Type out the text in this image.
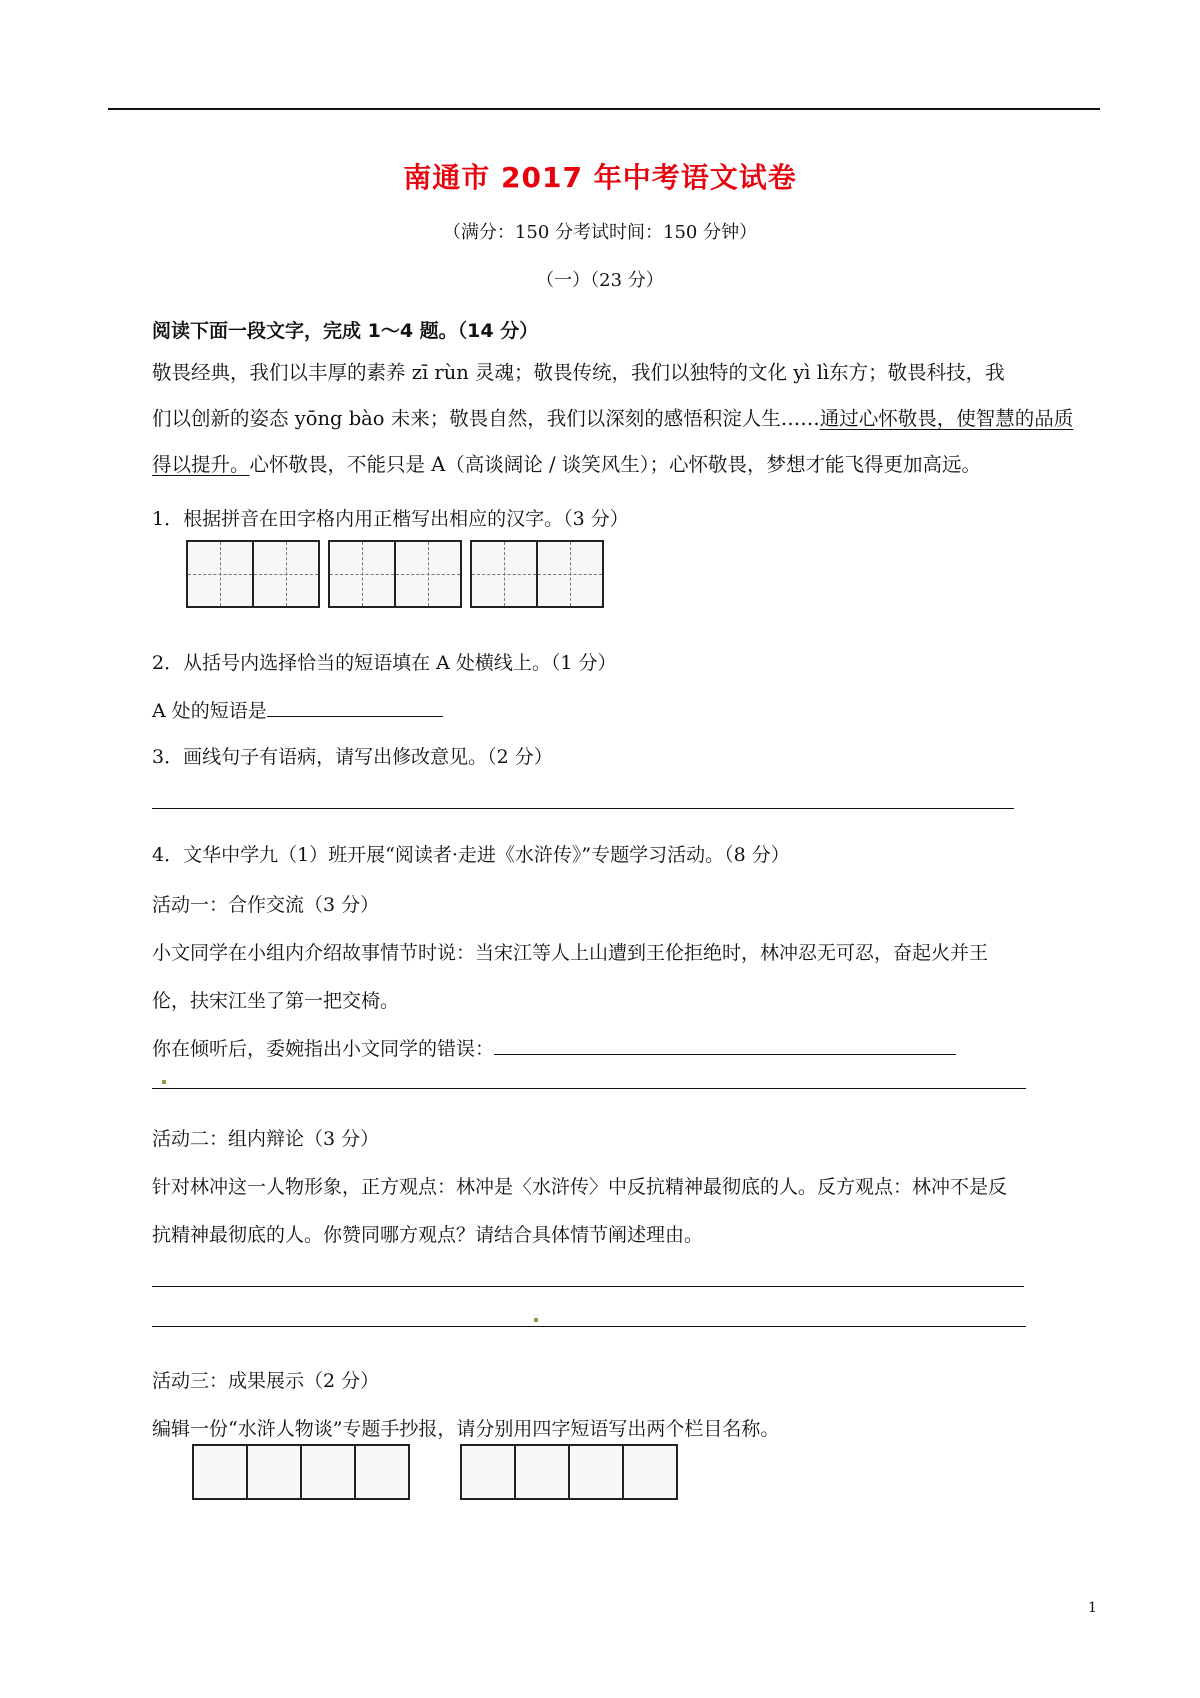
南通市 2017 年中考语文试卷
（满分：150 分考试时间：150 分钟）
（一）（23 分）
阅读下面一段文字，完成 1～4 题。（14 分）
敬畏经典，我们以丰厚的素养 zī rùn 灵魂；敬畏传统，我们以独特的文化 yì lì东方；敬畏科技，我
们以创新的姿态 yōng bào 未来；敬畏自然，我们以深刻的感悟积淀人生……通过心怀敬畏，使智慧的品质
得以提升。心怀敬畏，不能只是 A（高谈阔论 / 谈笑风生）；心怀敬畏，梦想才能飞得更加高远。
1．根据拼音在田字格内用正楷写出相应的汉字。（3 分）
2．从括号内选择恰当的短语填在 A 处横线上。（1 分）
A 处的短语是
3．画线句子有语病，请写出修改意见。（2 分）
4．文华中学九（1）班开展“阅读者·走进《水浒传》”专题学习活动。（8 分）
活动一：合作交流（3 分）
小文同学在小组内介绍故事情节时说：当宋江等人上山遭到王伦拒绝时，林冲忍无可忍，奋起火并王
伦，扶宋江坐了第一把交椅。
你在倾听后，委婉指出小文同学的错误：
活动二：组内辩论（3 分）
针对林冲这一人物形象，正方观点：林冲是〈水浒传〉中反抗精神最彻底的人。反方观点：林冲不是反
抗精神最彻底的人。你赞同哪方观点？请结合具体情节阐述理由。
活动三：成果展示（2 分）
编辑一份“水浒人物谈”专题手抄报，请分别用四字短语写出两个栏目名称。
1
